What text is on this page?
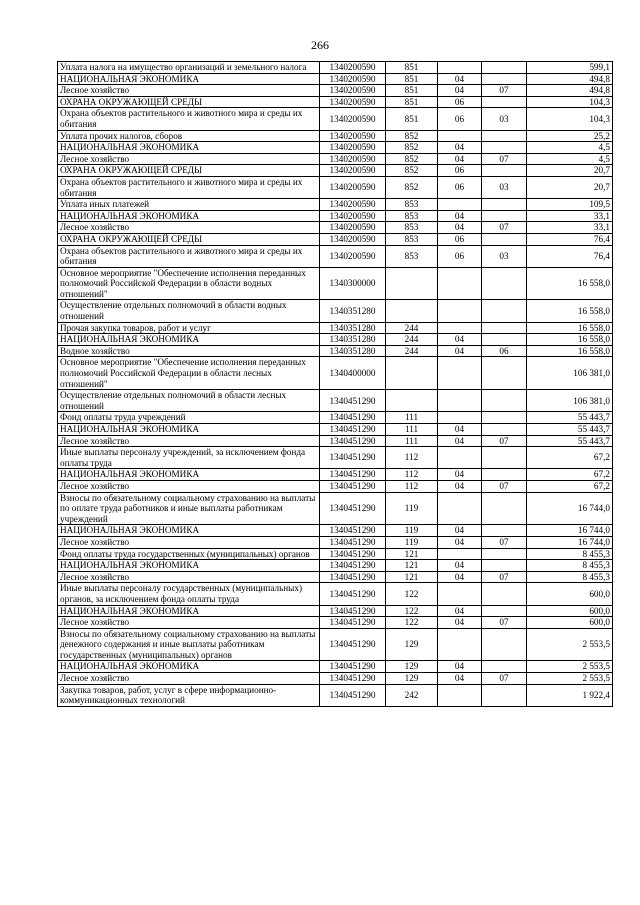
266
Уплата налога на имущество организаций и земельного налога	1340200590	851			599,1
НАЦИОНАЛЬНАЯ ЭКОНОМИКА	1340200590	851	04		494,8
Лесное хозяйство	1340200590	851	04	07	494,8
ОХРАНА ОКРУЖАЮЩЕЙ СРЕДЫ	1340200590	851	06		104,3
Охрана объектов растительного и животного мира и среды их обитания	1340200590	851	06	03	104,3
Уплата прочих налогов, сборов	1340200590	852			25,2
НАЦИОНАЛЬНАЯ ЭКОНОМИКА	1340200590	852	04		4,5
Лесное хозяйство	1340200590	852	04	07	4,5
ОХРАНА ОКРУЖАЮЩЕЙ СРЕДЫ	1340200590	852	06		20,7
Охрана объектов растительного и животного мира и среды их обитания	1340200590	852	06	03	20,7
Уплата иных платежей	1340200590	853			109,5
НАЦИОНАЛЬНАЯ ЭКОНОМИКА	1340200590	853	04		33,1
Лесное хозяйство	1340200590	853	04	07	33,1
ОХРАНА ОКРУЖАЮЩЕЙ СРЕДЫ	1340200590	853	06		76,4
Охрана объектов растительного и животного мира и среды их обитания	1340200590	853	06	03	76,4
Основное мероприятие "Обеспечение исполнения переданных полномочий Российской Федерации в области водных отношений"	1340300000				16 558,0
Осуществление отдельных полномочий в области водных отношений	1340351280				16 558,0
Прочая закупка товаров, работ и услуг	1340351280	244			16 558,0
НАЦИОНАЛЬНАЯ ЭКОНОМИКА	1340351280	244	04		16 558,0
Водное хозяйство	1340351280	244	04	06	16 558,0
Основное мероприятие "Обеспечение исполнения переданных полномочий Российской Федерации в области лесных отношений"	1340400000				106 381,0
Осуществление отдельных полномочий в области лесных отношений	1340451290				106 381,0
Фонд оплаты труда учреждений	1340451290	111			55 443,7
НАЦИОНАЛЬНАЯ ЭКОНОМИКА	1340451290	111	04		55 443,7
Лесное хозяйство	1340451290	111	04	07	55 443,7
Иные выплаты персоналу учреждений, за исключением фонда оплаты труда	1340451290	112			67,2
НАЦИОНАЛЬНАЯ ЭКОНОМИКА	1340451290	112	04		67,2
Лесное хозяйство	1340451290	112	04	07	67,2
Взносы по обязательному социальному страхованию на выплаты по оплате труда работников и иные выплаты работникам учреждений	1340451290	119			16 744,0
НАЦИОНАЛЬНАЯ ЭКОНОМИКА	1340451290	119	04		16 744,0
Лесное хозяйство	1340451290	119	04	07	16 744,0
Фонд оплаты труда государственных (муниципальных) органов	1340451290	121			8 455,3
НАЦИОНАЛЬНАЯ ЭКОНОМИКА	1340451290	121	04		8 455,3
Лесное хозяйство	1340451290	121	04	07	8 455,3
Иные выплаты персоналу государственных (муниципальных) органов, за исключением фонда оплаты труда	1340451290	122			600,0
НАЦИОНАЛЬНАЯ ЭКОНОМИКА	1340451290	122	04		600,0
Лесное хозяйство	1340451290	122	04	07	600,0
Взносы по обязательному социальному страхованию на выплаты денежного содержания и иные выплаты работникам государственных (муниципальных) органов	1340451290	129			2 553,5
НАЦИОНАЛЬНАЯ ЭКОНОМИКА	1340451290	129	04		2 553,5
Лесное хозяйство	1340451290	129	04	07	2 553,5
Закупка товаров, работ, услуг в сфере информационно-коммуникационных технологий	1340451290	242			1 922,4
